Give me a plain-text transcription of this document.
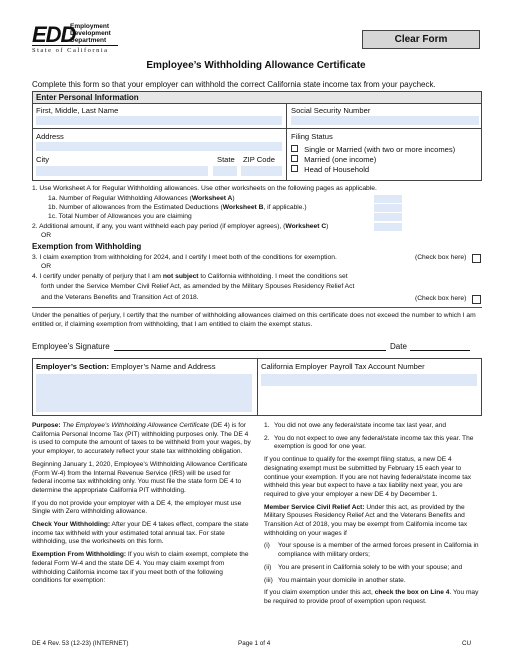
EDD
Employment
Development
Department
State of California
Clear Form
Employee’s Withholding Allowance Certificate
Complete this form so that your employer can withhold the correct California state income tax from your paycheck.
Enter Personal Information
First, Middle, Last Name	Social Security Number
Address	Filing Status
City	State ZIP Code
Single or Married (with two or more incomes)
Married (one income)
Head of Household
1. Use Worksheet A for Regular Withholding allowances. Use other worksheets on the following pages as applicable.
1a. Number of Regular Withholding Allowances (Worksheet A)
1b. Number of allowances from the Estimated Deductions (Worksheet B, if applicable.)
1c. Total Number of Allowances you are claiming
2. Additional amount, if any, you want withheld each pay period (if employer agrees), (Worksheet C)
OR
Exemption from Withholding
3. I claim exemption from withholding for 2024, and I certify I meet both of the conditions for exemption.	(Check box here)
OR
4. I certify under penalty of perjury that I am not subject to California withholding. I meet the conditions set
forth under the Service Member Civil Relief Act, as amended by the Military Spouses Residency Relief Act
and the Veterans Benefits and Transition Act of 2018.	(Check box here)
Under the penalties of perjury, I certify that the number of withholding allowances claimed on this certificate does not exceed the number to which I am entitled or, if claiming exemption from withholding, that I am entitled to claim the exempt status.
Employee’s Signature	Date
Employer’s Section: Employer’s Name and Address	California Employer Payroll Tax Account Number

Purpose: The Employee’s Withholding Allowance Certificate (DE 4) is for California Personal Income Tax (PIT) withholding purposes only. The DE 4 is used to compute the amount of taxes to be withheld from your wages, by your employer, to accurately reflect your state tax withholding obligation.

Beginning January 1, 2020, Employee’s Withholding Allowance Certificate (Form W-4) from the Internal Revenue Service (IRS) will be used for federal income tax withholding only. You must file the state form DE 4 to determine the appropriate California PIT withholding.

If you do not provide your employer with a DE 4, the employer must use Single with Zero withholding allowance.

Check Your Withholding: After your DE 4 takes effect, compare the state income tax withheld with your estimated total annual tax. For state withholding, use the worksheets on this form.

Exemption From Withholding: If you wish to claim exempt, complete the federal Form W-4 and the state DE 4. You may claim exempt from withholding California income tax if you meet both of the following conditions for exemption:

1. You did not owe any federal/state income tax last year, and

2. You do not expect to owe any federal/state income tax this year. The exemption is good for one year.

If you continue to qualify for the exempt filing status, a new DE 4 designating exempt must be submitted by February 15 each year to continue your exemption. If you are not having federal/state income tax withheld this year but expect to have a tax liability next year, you are required to give your employer a new DE 4 by December 1.

Member Service Civil Relief Act: Under this act, as provided by the Military Spouses Residency Relief Act and the Veterans Benefits and Transition Act of 2018, you may be exempt from California income tax withholding on your wages if

(i)	Your spouse is a member of the armed forces present in California in compliance with military orders;

(ii)	You are present in California solely to be with your spouse; and

(iii) You maintain your domicile in another state.

If you claim exemption under this act, check the box on Line 4. You may be required to provide proof of exemption upon request.

DE 4 Rev. 53 (12-23) (INTERNET)	Page 1 of 4	CU
